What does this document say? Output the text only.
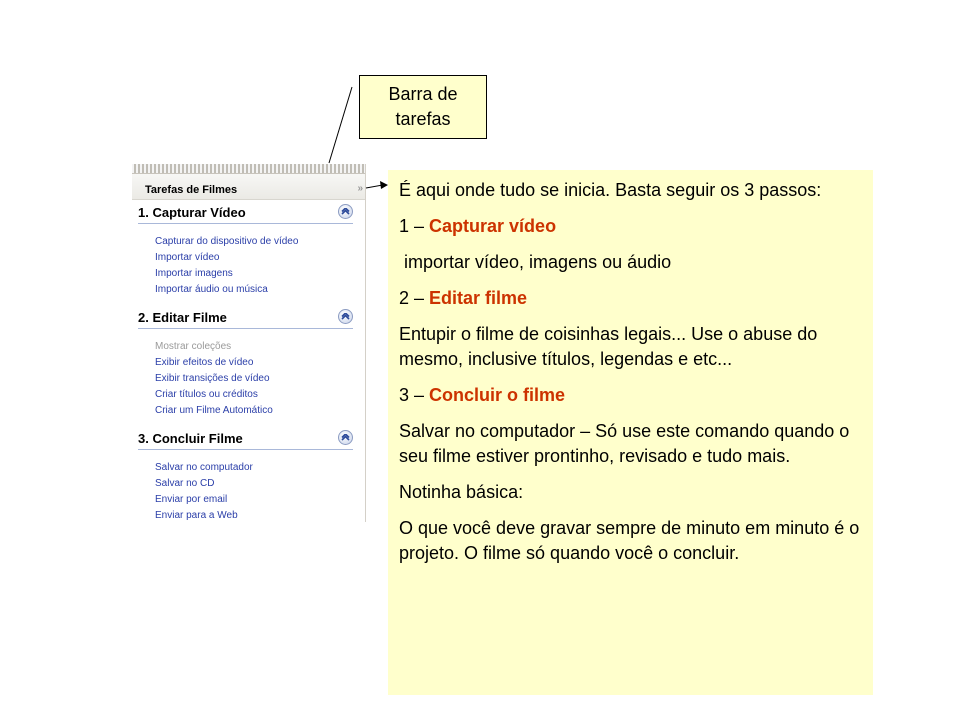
Barra de
tarefas
Tarefas de Filmes	»
1. Capturar Vídeo
Capturar do dispositivo de vídeo
Importar vídeo
Importar imagens
Importar áudio ou música
2. Editar Filme
Mostrar coleções
Exibir efeitos de vídeo
Exibir transições de vídeo
Criar títulos ou créditos
Criar um Filme Automático
3. Concluir Filme
Salvar no computador
Salvar no CD
Enviar por email
Enviar para a Web

É aqui onde tudo se inicia. Basta seguir os 3 passos:

1 – Capturar vídeo

importar vídeo, imagens ou áudio

2 – Editar filme

Entupir o filme de coisinhas legais... Use o abuse do mesmo, inclusive títulos, legendas e etc...

3 – Concluir o filme

Salvar no computador – Só use este comando quando o seu filme estiver prontinho, revisado e tudo mais.

Notinha básica:

O que você deve gravar sempre de minuto em minuto é o projeto. O filme só quando você o concluir.
